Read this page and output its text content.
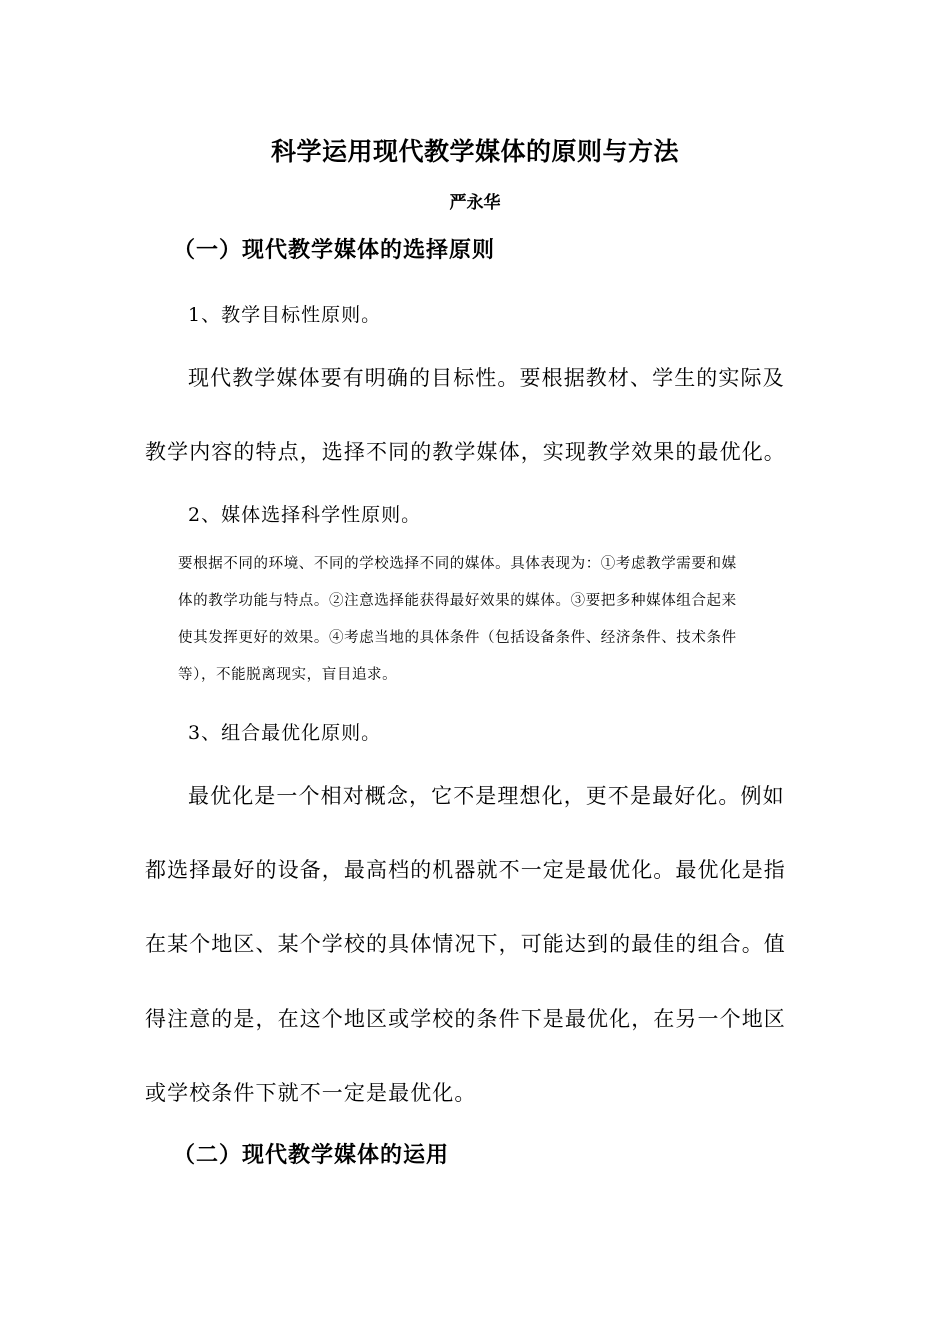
科学运用现代教学媒体的原则与方法
严永华
（一）现代教学媒体的选择原则
1、教学目标性原则。
现代教学媒体要有明确的目标性。要根据教材、学生的实际及
教学内容的特点，选择不同的教学媒体，实现教学效果的最优化。
2、媒体选择科学性原则。
要根据不同的环境、不同的学校选择不同的媒体。具体表现为：①考虑教学需要和媒
体的教学功能与特点。②注意选择能获得最好效果的媒体。③要把多种媒体组合起来
使其发挥更好的效果。④考虑当地的具体条件（包括设备条件、经济条件、技术条件
等），不能脱离现实，盲目追求。
3、组合最优化原则。
最优化是一个相对概念，它不是理想化，更不是最好化。例如
都选择最好的设备，最高档的机器就不一定是最优化。最优化是指
在某个地区、某个学校的具体情况下，可能达到的最佳的组合。值
得注意的是，在这个地区或学校的条件下是最优化，在另一个地区
或学校条件下就不一定是最优化。
（二）现代教学媒体的运用
